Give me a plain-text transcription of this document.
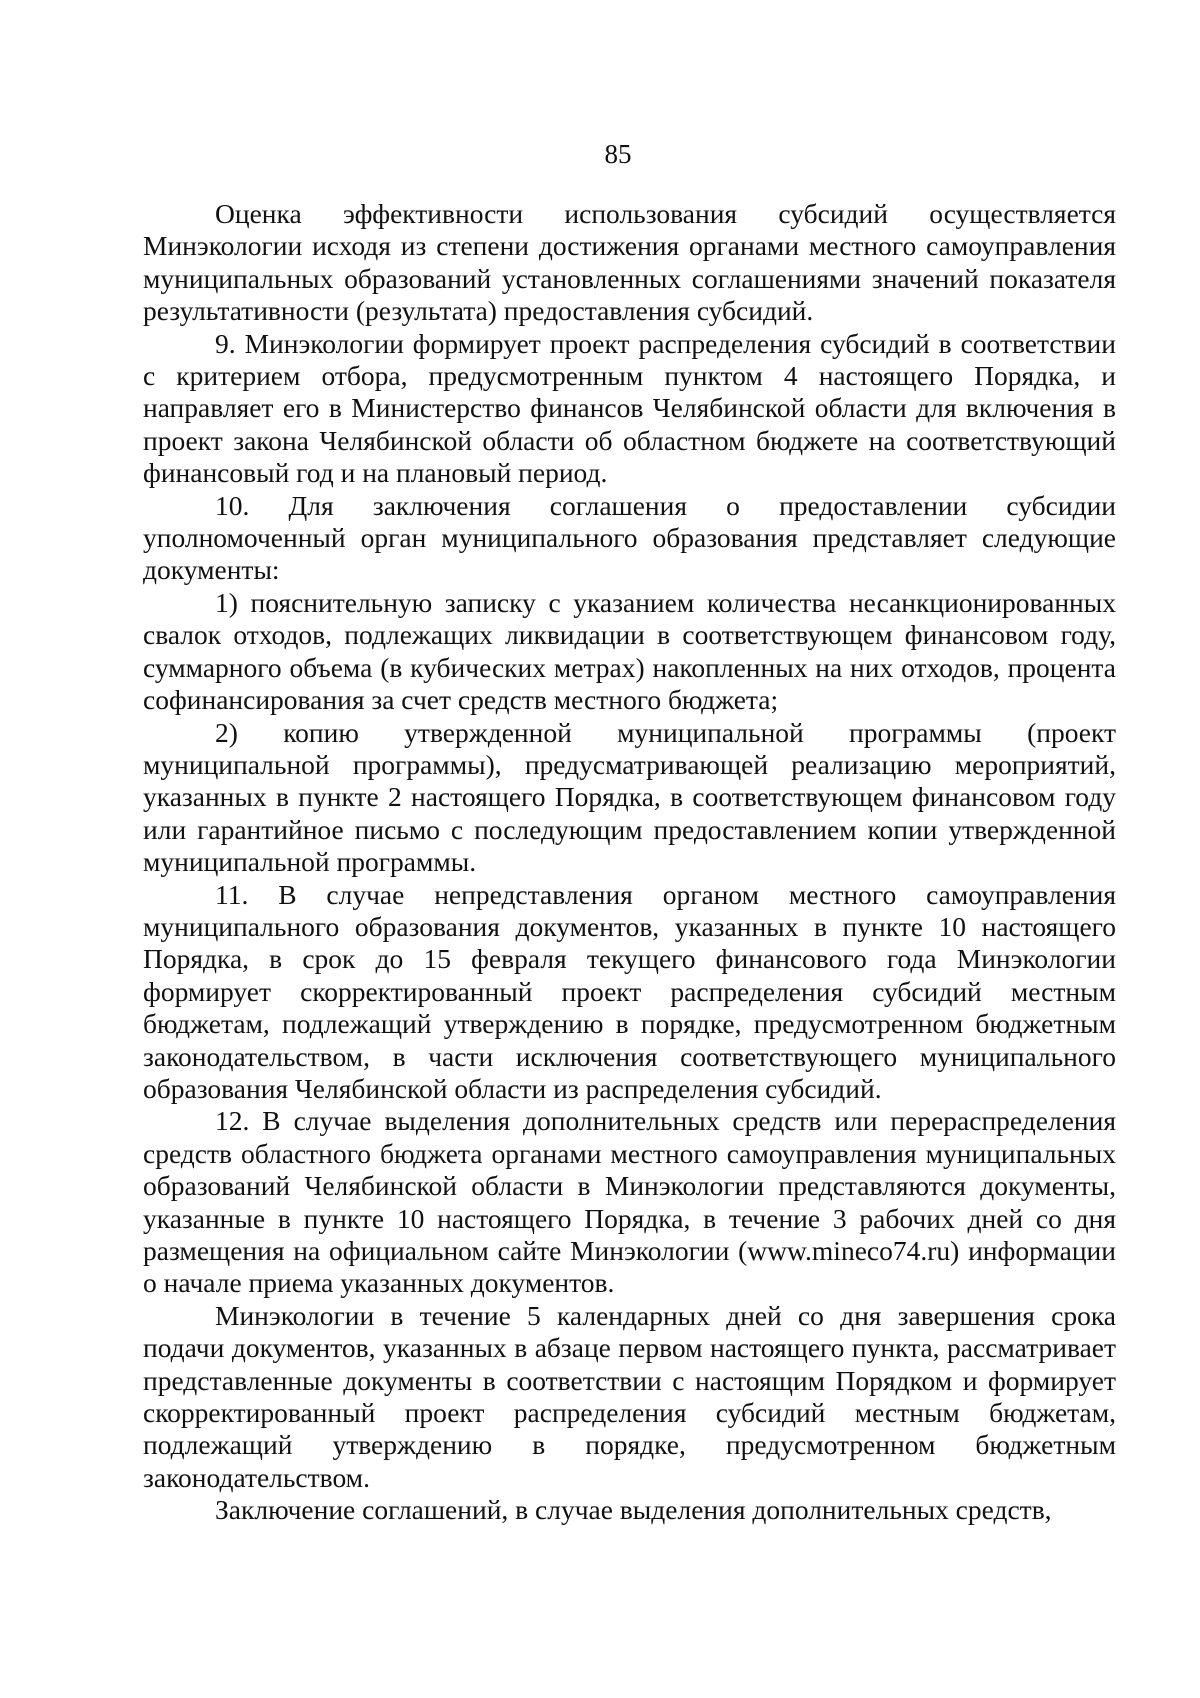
85

Оценка эффективности использования субсидий осуществляется Минэкологии исходя из степени достижения органами местного самоуправления муниципальных образований установленных соглашениями значений показателя результативности (результата) предоставления субсидий.

9. Минэкологии формирует проект распределения субсидий в соответствии с критерием отбора, предусмотренным пунктом 4 настоящего Порядка, и направляет его в Министерство финансов Челябинской области для включения в проект закона Челябинской области об областном бюджете на соответствующий финансовый год и на плановый период.

10. Для заключения соглашения о предоставлении субсидии уполномоченный орган муниципального образования представляет следующие документы:

1) пояснительную записку с указанием количества несанкционированных свалок отходов, подлежащих ликвидации в соответствующем финансовом году, суммарного объема (в кубических метрах) накопленных на них отходов, процента софинансирования за счет средств местного бюджета;

2) копию утвержденной муниципальной программы (проект муниципальной программы), предусматривающей реализацию мероприятий, указанных в пункте 2 настоящего Порядка, в соответствующем финансовом году или гарантийное письмо с последующим предоставлением копии утвержденной муниципальной программы.

11. В случае непредставления органом местного самоуправления муниципального образования документов, указанных в пункте 10 настоящего Порядка, в срок до 15 февраля текущего финансового года Минэкологии формирует скорректированный проект распределения субсидий местным бюджетам, подлежащий утверждению в порядке, предусмотренном бюджетным законодательством, в части исключения соответствующего муниципального образования Челябинской области из распределения субсидий.

12. В случае выделения дополнительных средств или перераспределения средств областного бюджета органами местного самоуправления муниципальных образований Челябинской области в Минэкологии представляются документы, указанные в пункте 10 настоящего Порядка, в течение 3 рабочих дней со дня размещения на официальном сайте Минэкологии (www.mineco74.ru) информации о начале приема указанных документов.

Минэкологии в течение 5 календарных дней со дня завершения срока подачи документов, указанных в абзаце первом настоящего пункта, рассматривает представленные документы в соответствии с настоящим Порядком и формирует скорректированный проект распределения субсидий местным бюджетам, подлежащий утверждению в порядке, предусмотренном бюджетным законодательством.

Заключение соглашений, в случае выделения дополнительных средств,
